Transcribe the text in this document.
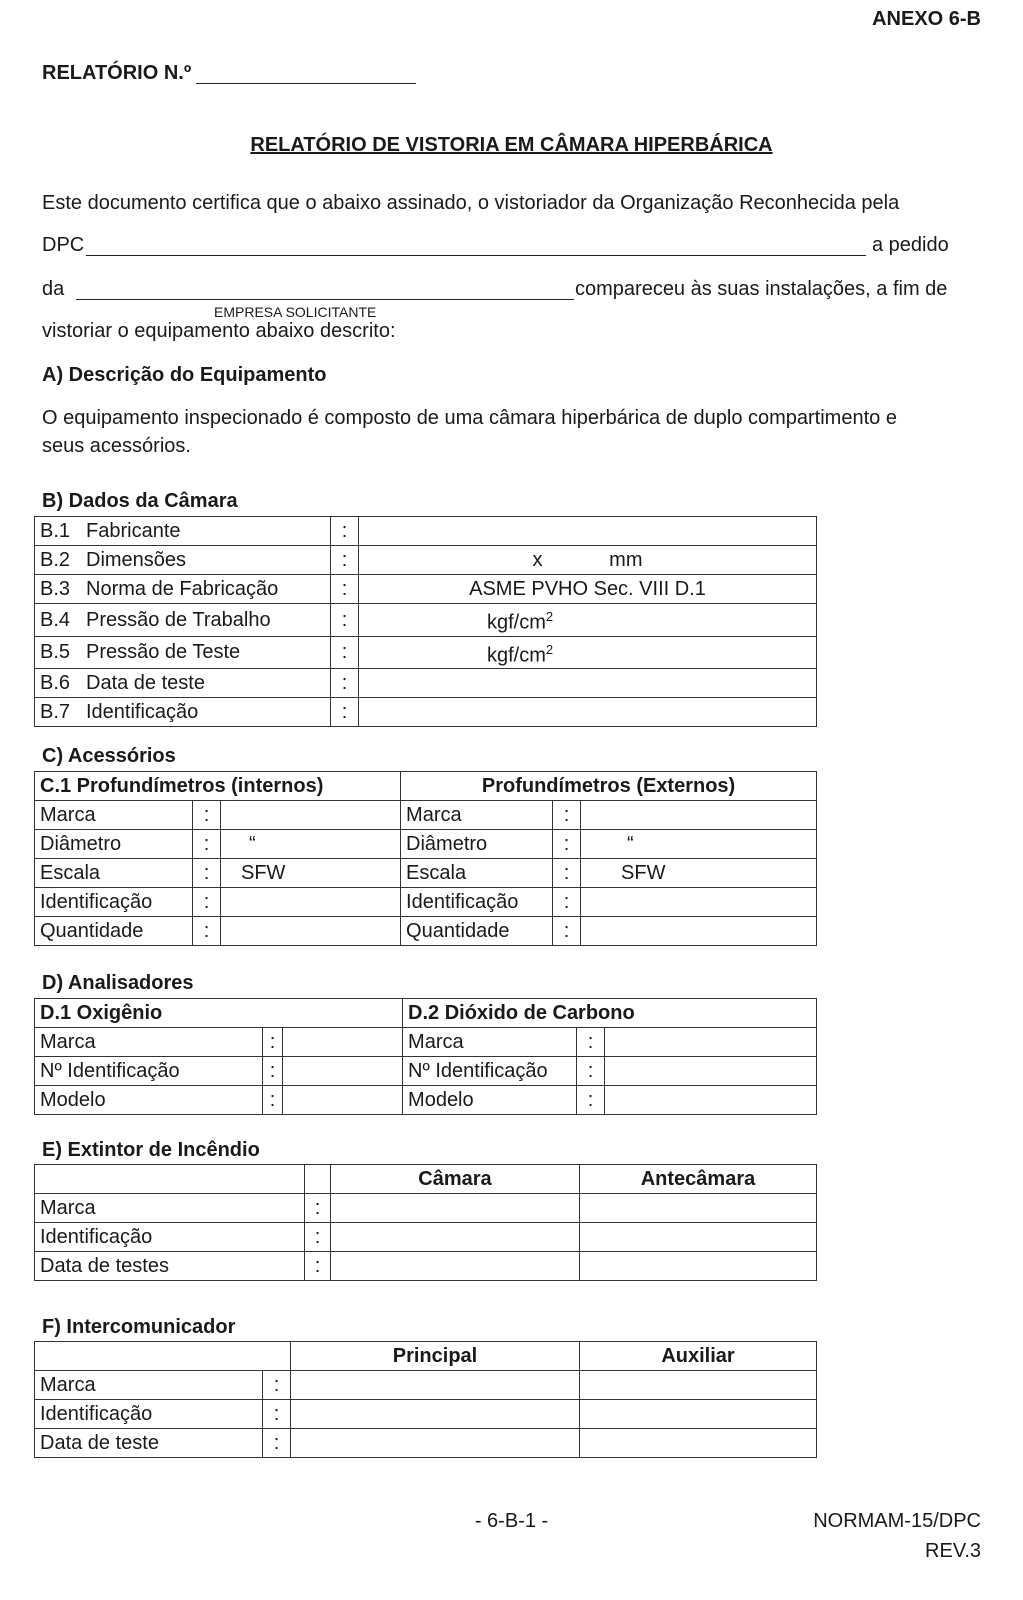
ANEXO 6-B
RELATÓRIO N.º
RELATÓRIO DE VISTORIA EM CÂMARA HIPERBÁRICA
Este documento certifica que o abaixo assinado, o vistoriador da Organização Reconhecida pela
DPC	a pedido
da	compareceu às suas instalações, a fim de
EMPRESA SOLICITANTE
vistoriar o equipamento abaixo descrito:
A) Descrição do Equipamento
O equipamento inspecionado é composto de uma câmara hiperbárica de duplo compartimento e
seus acessórios.
B) Dados da Câmara
B.1 Fabricante	:	
B.2 Dimensões	:	x            mm
B.3 Norma de Fabricação	:	ASME PVHO Sec. VIII D.1
B.4 Pressão de Trabalho	:	kgf/$cm^2$
B.5 Pressão de Teste	:	kgf/$cm^2$
B.6 Data de teste	:	
B.7 Identificação	:	
C) Acessórios
C.1 Profundímetros (internos)			Profundímetros (Externos)		
Marca	:		Marca	:	
Diâmetro	:	“	Diâmetro	:	“
Escala	:	SFW	Escala	:	SFW
Identificação	:		Identificação	:	
Quantidade	:		Quantidade	:	
D) Analisadores
D.1 Oxigênio			D.2 Dióxido de Carbono		
Marca	:		Marca	:	
Nº Identificação	:		Nº Identificação	:	
Modelo	:		Modelo	:	
E) Extintor de Incêndio
		Câmara	Antecâmara
Marca	:		
Identificação	:		
Data de testes	:		
F) Intercomunicador
		Principal	Auxiliar
Marca	:		
Identificação	:		
Data de teste	:		
- 6-B-1 -	NORMAM-15/DPC
REV.3
